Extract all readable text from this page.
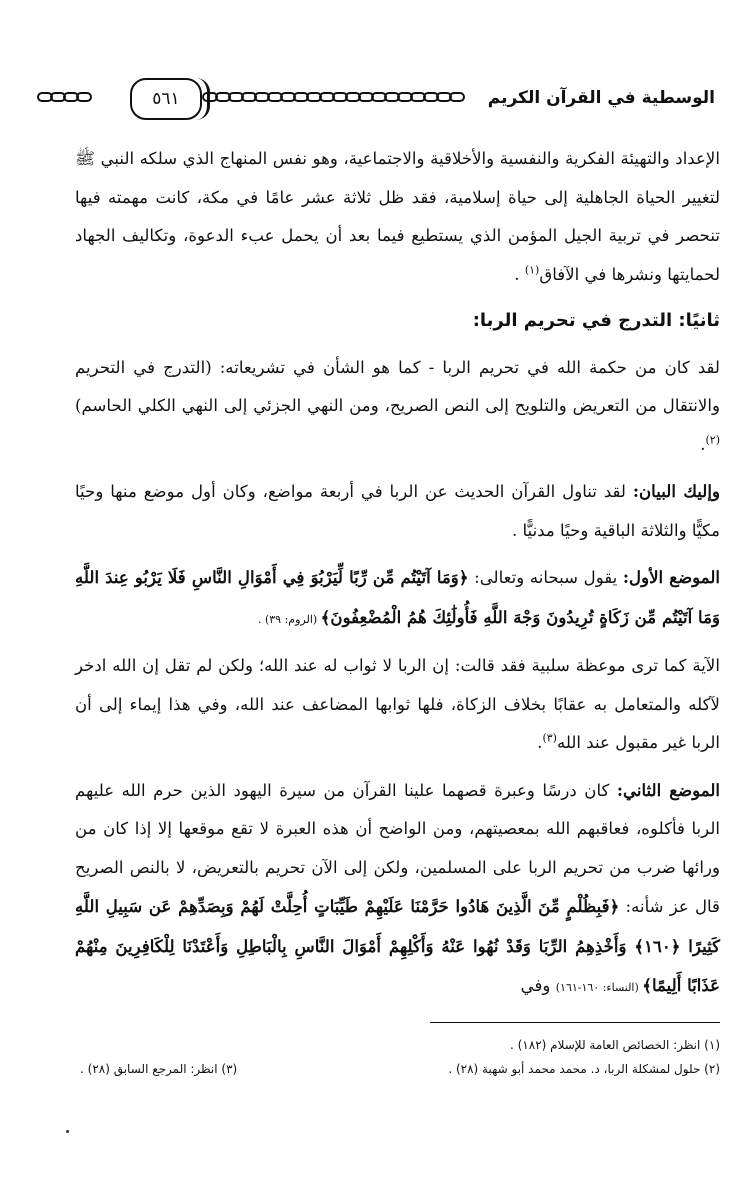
الوسطية في القرآن الكريم
٥٦١

الإعداد والتهيئة الفكرية والنفسية والأخلاقية والاجتماعية، وهو نفس المنهاج الذي سلكه النبي ﷺ لتغيير الحياة الجاهلية إلى حياة إسلامية، فقد ظل ثلاثة عشر عامًا في مكة، كانت مهمته فيها تنحصر في تربية الجيل المؤمن الذي يستطيع فيما بعد أن يحمل عبء الدعوة، وتكاليف الجهاد لحمايتها ونشرها في الآفاق$^{(١)}$ .

ثانيًا: التدرج في تحريم الربا:

لقد كان من حكمة الله في تحريم الربا - كما هو الشأن في تشريعاته: (التدرج في التحريم والانتقال من التعريض والتلويح إلى النص الصريح، ومن النهي الجزئي إلى النهي الكلي الحاسم)$^{(٢)}$.

وإليك البيان: لقد تناول القرآن الحديث عن الربا في أربعة مواضع، وكان أول موضع منها وحيًا مكيًّا والثلاثة الباقية وحيًا مدنيًّا .

الموضع الأول: يقول سبحانه وتعالى: ﴿وَمَا آتَيْتُم مِّن رِّبًا لِّيَرْبُوَ فِي أَمْوَالِ النَّاسِ فَلَا يَرْبُو عِندَ اللَّهِ وَمَا آتَيْتُم مِّن زَكَاةٍ تُرِيدُونَ وَجْهَ اللَّهِ فَأُولَٰئِكَ هُمُ الْمُضْعِفُونَ﴾ (الروم: ٣٩) .

الآية كما ترى موعظة سلبية فقد قالت: إن الربا لا ثواب له عند الله؛ ولكن لم تقل إن الله ادخر لآكله والمتعامل به عقابًا بخلاف الزكاة، فلها ثوابها المضاعف عند الله، وفي هذا إيماء إلى أن الربا غير مقبول عند الله$^{(٣)}$.

الموضع الثاني: كان درسًا وعبرة قصهما علينا القرآن من سيرة اليهود الذين حرم الله عليهم الربا فأكلوه، فعاقبهم الله بمعصيتهم، ومن الواضح أن هذه العبرة لا تقع موقعها إلا إذا كان من ورائها ضرب من تحريم الربا على المسلمين، ولكن إلى الآن تحريم بالتعريض، لا بالنص الصريح قال عز شأنه: ﴿فَبِظُلْمٍ مِّنَ الَّذِينَ هَادُوا حَرَّمْنَا عَلَيْهِمْ طَيِّبَاتٍ أُحِلَّتْ لَهُمْ وَبِصَدِّهِمْ عَن سَبِيلِ اللَّهِ كَثِيرًا ﴿١٦٠﴾ وَأَخْذِهِمُ الرِّبَا وَقَدْ نُهُوا عَنْهُ وَأَكْلِهِمْ أَمْوَالَ النَّاسِ بِالْبَاطِلِ وَأَعْتَدْنَا لِلْكَافِرِينَ مِنْهُمْ عَذَابًا أَلِيمًا﴾ (النساء: ١٦٠-١٦١) وفي

(١) انظر: الخصائص العامة للإسلام (١٨٢) .
(٢) حلول لمشكلة الربا، د. محمد محمد أبو شهبة (٢٨) .
(٣) انظر: المرجع السابق (٢٨) .
